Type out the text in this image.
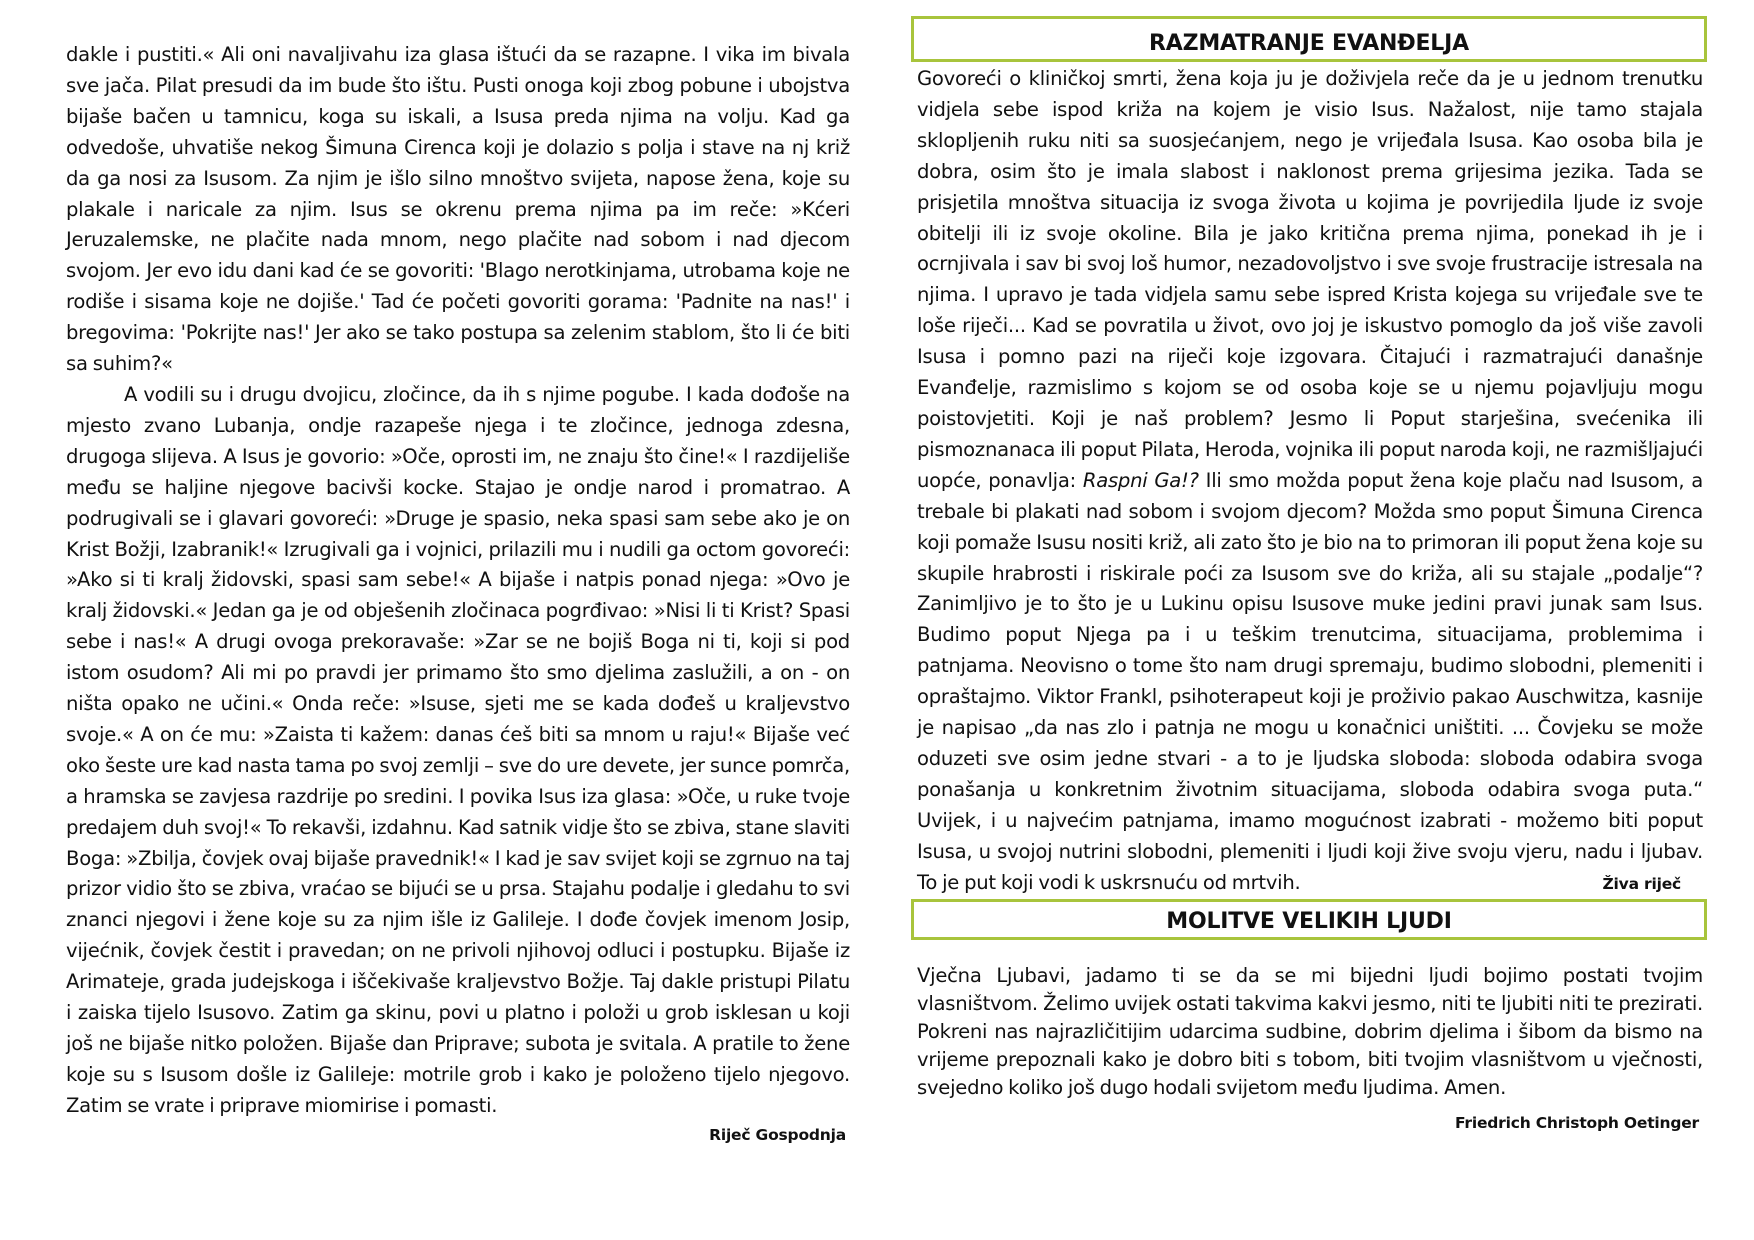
dakle i pustiti.« Ali oni navaljivahu iza glasa ištući da se razapne. I vika im bivala sve jača. Pilat presudi da im bude što ištu. Pusti onoga koji zbog pobune i ubojstva bijaše bačen u tamnicu, koga su iskali, a Isusa preda njima na volju. Kad ga odvedoše, uhvatiše nekog Šimuna Cirenca koji je dolazio s polja i stave na nj križ da ga nosi za Isusom. Za njim je išlo silno mnoštvo svijeta, napose žena, koje su plakale i naricale za njim. Isus se okrenu prema njima pa im reče: »Kćeri Jeruzalemske, ne plačite nada mnom, nego plačite nad sobom i nad djecom svojom. Jer evo idu dani kad će se govoriti: 'Blago nerotkinjama, utrobama koje ne rodiše i sisama koje ne dojiše.' Tad će početi govoriti gorama: 'Padnite na nas!' i bregovima: 'Pokrijte nas!' Jer ako se tako postupa sa zelenim stablom, što li će biti sa suhim?«

A vodili su i drugu dvojicu, zločince, da ih s njime pogube. I kada dođoše na mjesto zvano Lubanja, ondje razapeše njega i te zločince, jednoga zdesna, drugoga slijeva. A Isus je govorio: »Oče, oprosti im, ne znaju što čine!« I razdijeliše među se haljine njegove bacivši kocke. Stajao je ondje narod i promatrao. A podrugivali se i glavari govoreći: »Druge je spasio, neka spasi sam sebe ako je on Krist Božji, Izabranik!« Izrugivali ga i vojnici, prilazili mu i nudili ga octom govoreći: »Ako si ti kralj židovski, spasi sam sebe!« A bijaše i natpis ponad njega: »Ovo je kralj židovski.« Jedan ga je od obješenih zločinaca pogrđivao: »Nisi li ti Krist? Spasi sebe i nas!« A drugi ovoga prekoravaše: »Zar se ne bojiš Boga ni ti, koji si pod istom osudom? Ali mi po pravdi jer primamo što smo djelima zaslužili, a on - on ništa opako ne učini.« Onda reče: »Isuse, sjeti me se kada dođeš u kraljevstvo svoje.« A on će mu: »Zaista ti kažem: danas ćeš biti sa mnom u raju!« Bijaše već oko šeste ure kad nasta tama po svoj zemlji – sve do ure devete, jer sunce pomrča, a hramska se zavjesa razdrije po sredini. I povika Isus iza glasa: »Oče, u ruke tvoje predajem duh svoj!« To rekavši, izdahnu. Kad satnik vidje što se zbiva, stane slaviti Boga: »Zbilja, čovjek ovaj bijaše pravednik!« I kad je sav svijet koji se zgrnuo na taj prizor vidio što se zbiva, vraćao se bijući se u prsa. Stajahu podalje i gledahu to svi znanci njegovi i žene koje su za njim išle iz Galileje. I dođe čovjek imenom Josip, vijećnik, čovjek čestit i pravedan; on ne privoli njihovoj odluci i postupku. Bijaše iz Arimateje, grada judejskoga i iščekivaše kraljevstvo Božje. Taj dakle pristupi Pilatu i zaiska tijelo Isusovo. Zatim ga skinu, povi u platno i položi u grob isklesan u koji još ne bijaše nitko položen. Bijaše dan Priprave; subota je svitala. A pratile to žene koje su s Isusom došle iz Galileje: motrile grob i kako je položeno tijelo njegovo. Zatim se vrate i priprave miomirise i pomasti.

Riječ Gospodnja

RAZMATRANJE EVANĐELJA

Govoreći o kliničkoj smrti, žena koja ju je doživjela reče da je u jednom trenutku vidjela sebe ispod križa na kojem je visio Isus. Nažalost, nije tamo stajala sklopljenih ruku niti sa suosjećanjem, nego je vrijeđala Isusa. Kao osoba bila je dobra, osim što je imala slabost i naklonost prema grijesima jezika. Tada se prisjetila mnoštva situacija iz svoga života u kojima je povrijedila ljude iz svoje obitelji ili iz svoje okoline. Bila je jako kritična prema njima, ponekad ih je i ocrnjivala i sav bi svoj loš humor, nezadovoljstvo i sve svoje frustracije istresala na njima. I upravo je tada vidjela samu sebe ispred Krista kojega su vrijeđale sve te loše riječi... Kad se povratila u život, ovo joj je iskustvo pomoglo da još više zavoli Isusa i pomno pazi na riječi koje izgovara. Čitajući i razmatrajući današnje Evanđelje, razmislimo s kojom se od osoba koje se u njemu pojavljuju mogu poistovjetiti. Koji je naš problem? Jesmo li Poput starješina, svećenika ili pismoznanaca ili poput Pilata, Heroda, vojnika ili poput naroda koji, ne razmišljajući uopće, ponavlja: Raspni Ga!? Ili smo možda poput žena koje plaču nad Isusom, a trebale bi plakati nad sobom i svojom djecom? Možda smo poput Šimuna Cirenca koji pomaže Isusu nositi križ, ali zato što je bio na to primoran ili poput žena koje su skupile hrabrosti i riskirale poći za Isusom sve do križa, ali su stajale „podalje“? Zanimljivo je to što je u Lukinu opisu Isusove muke jedini pravi junak sam Isus. Budimo poput Njega pa i u teškim trenutcima, situacijama, problemima i patnjama. Neovisno o tome što nam drugi spremaju, budimo slobodni, plemeniti i opraštajmo. Viktor Frankl, psihoterapeut koji je proživio pakao Auschwitza, kasnije je napisao „da nas zlo i patnja ne mogu u konačnici uništiti. ... Čovjeku se može oduzeti sve osim jedne stvari - a to je ljudska sloboda: sloboda odabira svoga ponašanja u konkretnim životnim situacijama, sloboda odabira svoga puta.“ Uvijek, i u najvećim patnjama, imamo mogućnost izabrati - možemo biti poput Isusa, u svojoj nutrini slobodni, plemeniti i ljudi koji žive svoju vjeru, nadu i ljubav. To je put koji vodi k uskrsnuću od mrtvih.	Živa riječ

MOLITVE VELIKIH LJUDI

Vječna Ljubavi, jadamo ti se da se mi bijedni ljudi bojimo postati tvojim vlasništvom. Želimo uvijek ostati takvima kakvi jesmo, niti te ljubiti niti te prezirati. Pokreni nas najrazličitijim udarcima sudbine, dobrim djelima i šibom da bismo na vrijeme prepoznali kako je dobro biti s tobom, biti tvojim vlasništvom u vječnosti, svejedno koliko još dugo hodali svijetom među ljudima. Amen.

Friedrich Christoph Oetinger
